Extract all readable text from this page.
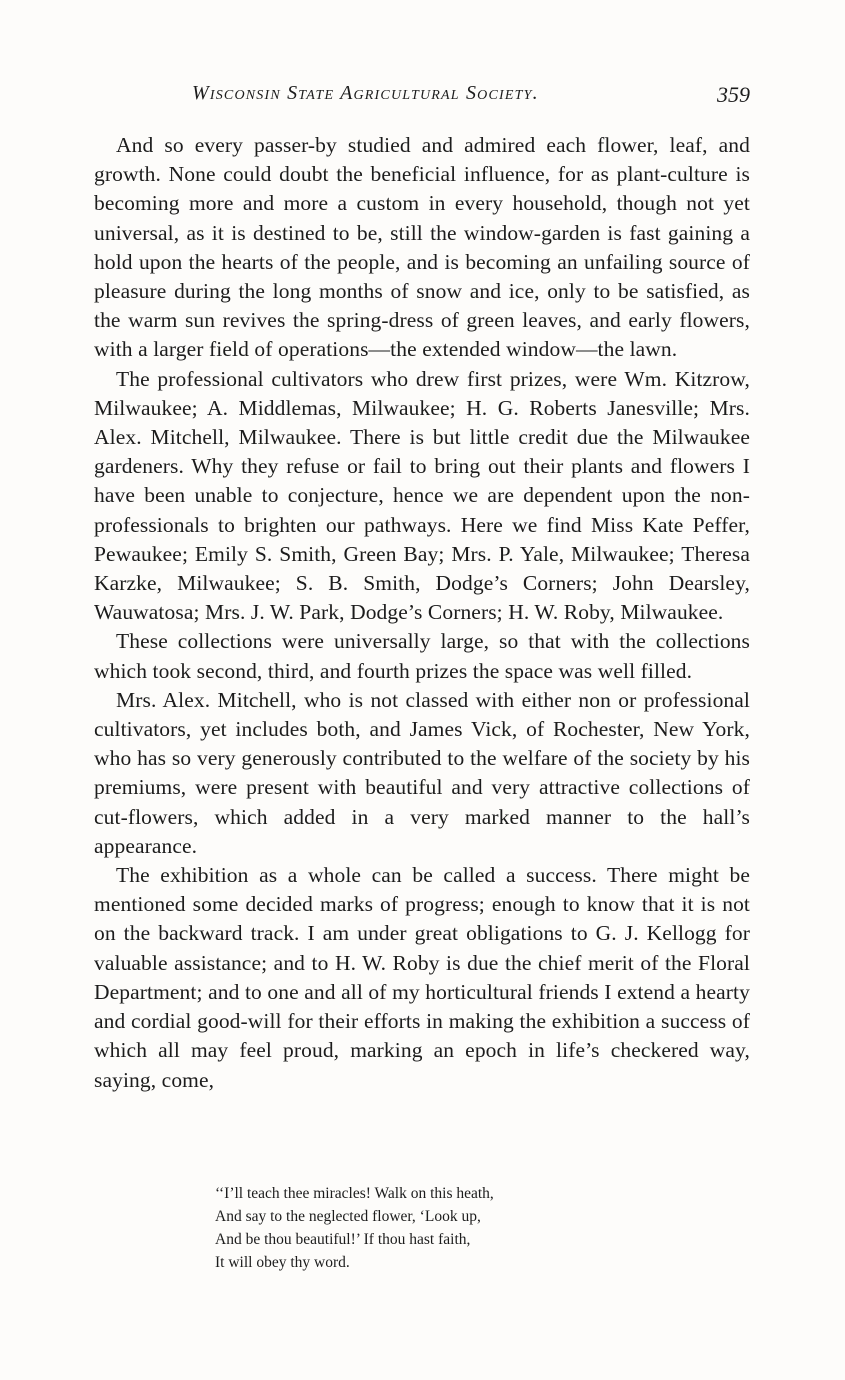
Wisconsin State Agricultural Society.	359

And so every passer-by studied and admired each flower, leaf, and growth. None could doubt the beneficial influence, for as plant-culture is becoming more and more a custom in every household, though not yet universal, as it is destined to be, still the window-garden is fast gaining a hold upon the hearts of the people, and is becoming an unfailing source of pleasure during the long months of snow and ice, only to be satisfied, as the warm sun revives the spring-dress of green leaves, and early flowers, with a larger field of operations—the extended window—the lawn.

The professional cultivators who drew first prizes, were Wm. Kitzrow, Milwaukee; A. Middlemas, Milwaukee; H. G. Roberts Janesville; Mrs. Alex. Mitchell, Milwaukee. There is but little credit due the Milwaukee gardeners. Why they refuse or fail to bring out their plants and flowers I have been unable to conjecture, hence we are dependent upon the non-professionals to brighten our pathways. Here we find Miss Kate Peffer, Pewaukee; Emily S. Smith, Green Bay; Mrs. P. Yale, Milwaukee; Theresa Karzke, Milwaukee; S. B. Smith, Dodge’s Corners; John Dearsley, Wauwatosa; Mrs. J. W. Park, Dodge’s Corners; H. W. Roby, Milwaukee.

These collections were universally large, so that with the collections which took second, third, and fourth prizes the space was well filled.

Mrs. Alex. Mitchell, who is not classed with either non or professional cultivators, yet includes both, and James Vick, of Rochester, New York, who has so very generously contributed to the welfare of the society by his premiums, were present with beautiful and very attractive collections of cut-flowers, which added in a very marked manner to the hall’s appearance.

The exhibition as a whole can be called a success. There might be mentioned some decided marks of progress; enough to know that it is not on the backward track. I am under great obligations to G. J. Kellogg for valuable assistance; and to H. W. Roby is due the chief merit of the Floral Department; and to one and all of my horticultural friends I extend a hearty and cordial good-will for their efforts in making the exhibition a success of which all may feel proud, marking an epoch in life’s checkered way, saying, come,

‘‘I’ll teach thee miracles! Walk on this heath,

And say to the neglected flower, ‘Look up,

And be thou beautiful!’ If thou hast faith,

It will obey thy word.
